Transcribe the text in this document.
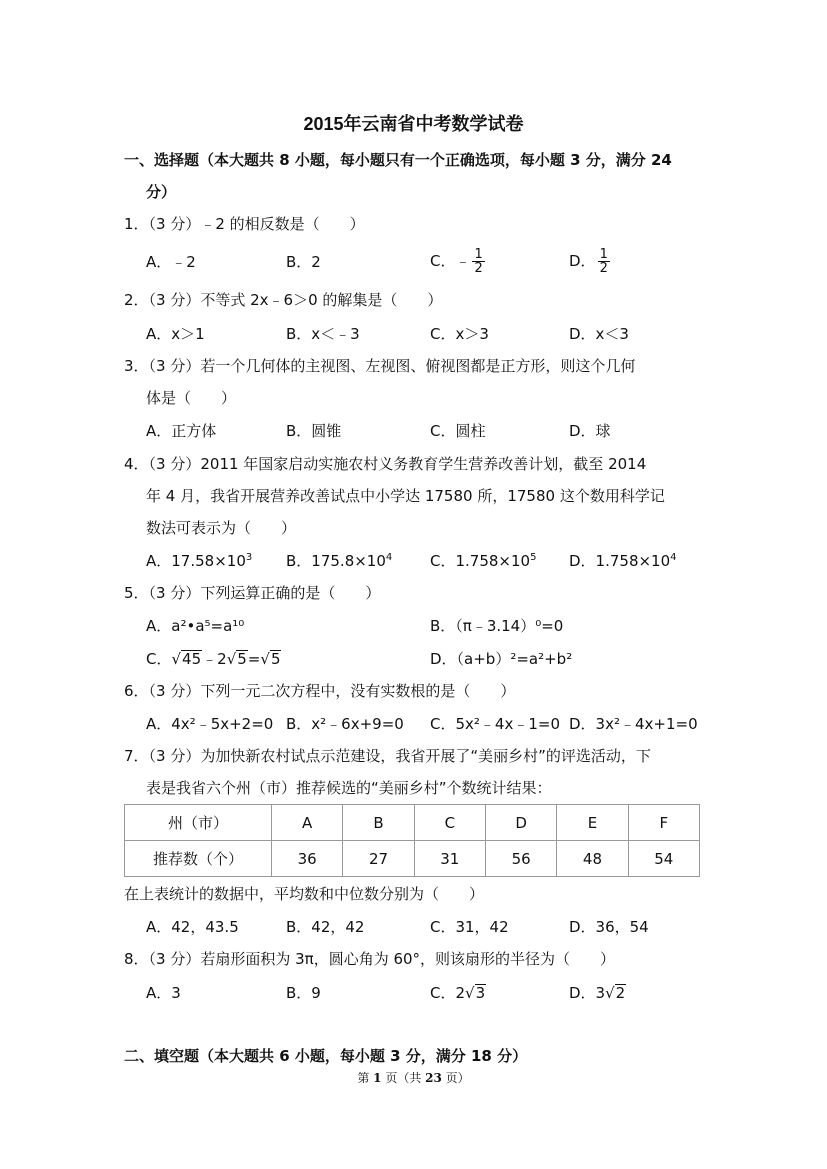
2015年云南省中考数学试卷
一、选择题（本大题共 8 小题，每小题只有一个正确选项，每小题 3 分，满分 24
分）
1．（3 分）﹣2 的相反数是（　　）
A．﹣2	B．2	C．﹣ $\frac{1}{2}$	D． $\frac{1}{2}$
2．（3 分）不等式 2x﹣6＞0 的解集是（　　）
A．x＞1	B．x＜﹣3	C．x＞3	D．x＜3
3．（3 分）若一个几何体的主视图、左视图、俯视图都是正方形，则这个几何
体是（　　）
A．正方体	B．圆锥	C．圆柱	D．球
4．（3 分）2011 年国家启动实施农村义务教育学生营养改善计划，截至 2014
年 4 月，我省开展营养改善试点中小学达 17580 所，17580 这个数用科学记
数法可表示为（　　）
A．$17.58\times 10^3$ B．$175.8\times 10^4$	C．$1.758\times 10^5$ D．$1.758\times 10^4$
5．（3 分）下列运算正确的是（　　）
A．a²•a⁵=a¹⁰	B．（π﹣3.14）⁰=0
C．√45﹣2√5=√5	D．（a+b）²=a²+b²
6．（3 分）下列一元二次方程中，没有实数根的是（　　）
A．4x²﹣5x+2=0 B．x²﹣6x+9=0 C．5x²﹣4x﹣1=0 D．3x²﹣4x+1=0
7．（3 分）为加快新农村试点示范建设，我省开展了“美丽乡村”的评选活动，下
表是我省六个州（市）推荐候选的“美丽乡村”个数统计结果：
州（市）	A	B	C	D	E	F
推荐数（个）	36	27	31	56	48	54
在上表统计的数据中，平均数和中位数分别为（　　）
A．42，43.5	B．42，42	C．31，42	D．36，54
8．（3 分）若扇形面积为 3π，圆心角为 60°，则该扇形的半径为（　　）
A．3	B．9	C．2√3	D．3√2
二、填空题（本大题共 6 小题，每小题 3 分，满分 18 分）
第 1 页（共 23 页）
